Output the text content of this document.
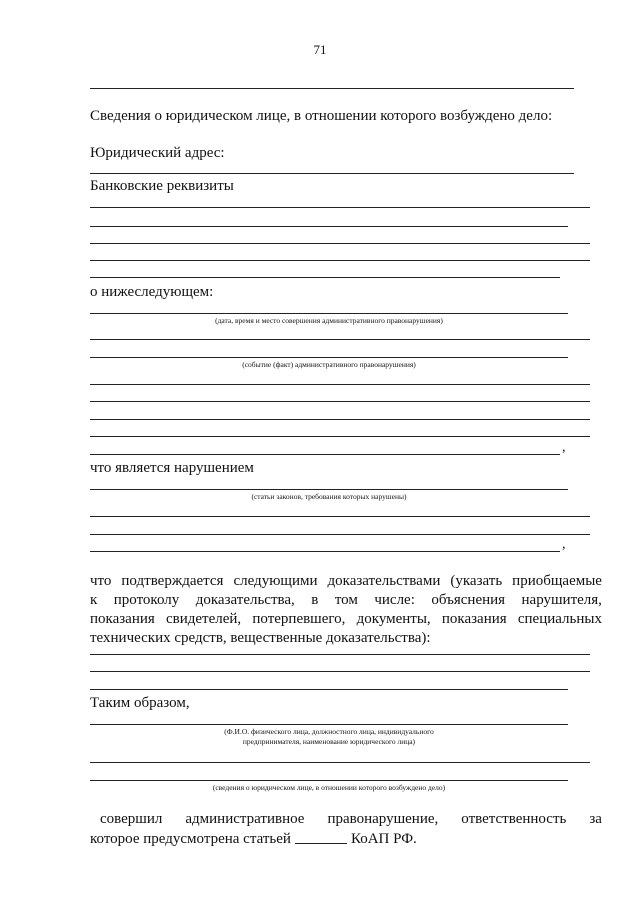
71
Сведения о юридическом лице, в отношении которого возбуждено дело:
Юридический адрес:
Банковские реквизиты
о нижеследующем:
(дата, время и место совершения административного правонарушения)
(событие (факт) административного правонарушения)
,
что является нарушением
(статьи законов, требования которых нарушены)
,
что подтверждается следующими доказательствами (указать приобщаемые
к протоколу доказательства, в том числе: объяснения нарушителя,
показания свидетелей, потерпевшего, документы, показания специальных
технических средств, вещественные доказательства):
Таким образом,
(Ф.И.О. физического лица, должностного лица, индивидуального
предпринимателя, наименование юридического лица)
(сведения о юридическом лице, в отношении которого возбуждено дело)
совершил административное правонарушение, ответственность за
которое предусмотрена статьей	КоАП РФ.
